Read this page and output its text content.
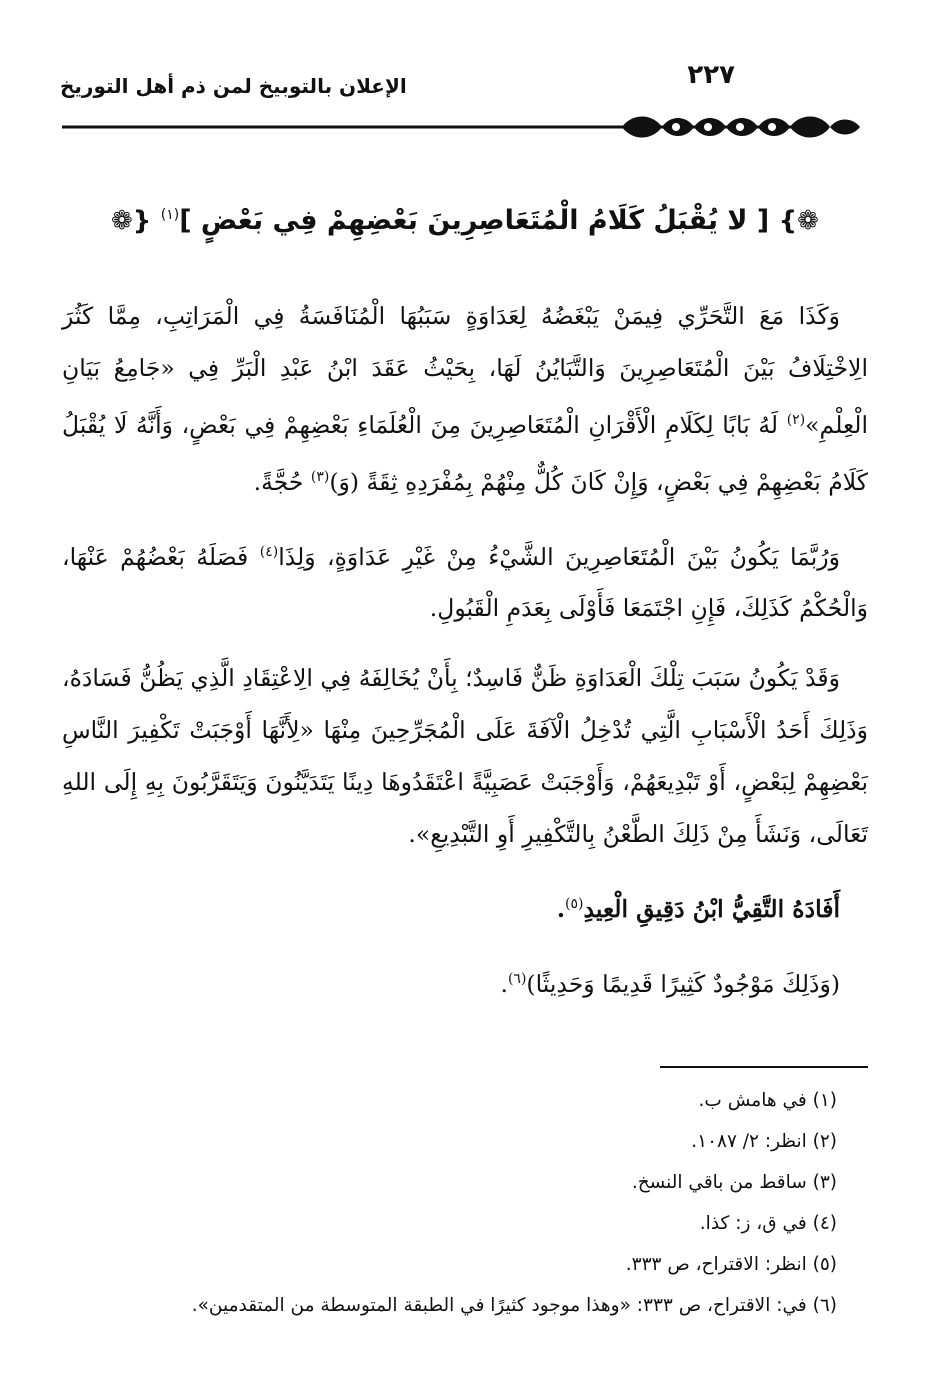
٢٢٧
الإعلان بالتوبيخ لمن ذم أهل التوريخ
❁} [ لا يُقْبَلُ كَلَامُ الْمُتَعَاصِرِينَ بَعْضِهِمْ فِي بَعْضٍ ]$^{(١)}$ {❁

وَكَذَا مَعَ التَّحَرِّي فِيمَنْ يَبْغَضُهُ لِعَدَاوَةٍ سَبَبُهَا الْمُنَافَسَةُ فِي الْمَرَاتِبِ، مِمَّا كَثُرَ الِاخْتِلَافُ بَيْنَ الْمُتَعَاصِرِينَ وَالتَّبَايُنُ لَهَا، بِحَيْثُ عَقَدَ ابْنُ عَبْدِ الْبَرِّ فِي «جَامِعُ بَيَانِ الْعِلْمِ»$^{(٢)}$ لَهُ بَابًا لِكَلَامِ الْأَقْرَانِ الْمُتَعَاصِرِينَ مِنَ الْعُلَمَاءِ بَعْضِهِمْ فِي بَعْضٍ، وَأَنَّهُ لَا يُقْبَلُ كَلَامُ بَعْضِهِمْ فِي بَعْضٍ، وَإِنْ كَانَ كُلٌّ مِنْهُمْ بِمُفْرَدِهِ ثِقَةً (وَ)$^{(٣)}$ حُجَّةً.

وَرُبَّمَا يَكُونُ بَيْنَ الْمُتَعَاصِرِينَ الشَّيْءُ مِنْ غَيْرِ عَدَاوَةٍ، وَلِذَا$^{(٤)}$ فَصَلَهُ بَعْضُهُمْ عَنْهَا، وَالْحُكْمُ كَذَلِكَ، فَإِنِ اجْتَمَعَا فَأَوْلَى بِعَدَمِ الْقَبُولِ.

وَقَدْ يَكُونُ سَبَبَ تِلْكَ الْعَدَاوَةِ ظَنٌّ فَاسِدٌ؛ بِأَنْ يُخَالِفَهُ فِي الِاعْتِقَادِ الَّذِي يَظُنُّ فَسَادَهُ، وَذَلِكَ أَحَدُ الْأَسْبَابِ الَّتِي تُدْخِلُ الْآفَةَ عَلَى الْمُجَرِّحِينَ مِنْهَا «لِأَنَّهَا أَوْجَبَتْ تَكْفِيرَ النَّاسِ بَعْضِهِمْ لِبَعْضٍ، أَوْ تَبْدِيعَهُمْ، وَأَوْجَبَتْ عَصَبِيَّةً اعْتَقَدُوهَا دِينًا يَتَدَيَّنُونَ وَيَتَقَرَّبُونَ بِهِ إِلَى اللهِ تَعَالَى، وَنَشَأَ مِنْ ذَلِكَ الطَّعْنُ بِالتَّكْفِيرِ أَوِ التَّبْدِيعِ».

أَفَادَهُ التَّقِيُّ ابْنُ دَقِيقِ الْعِيدِ$^{(٥)}$.

(وَذَلِكَ مَوْجُودٌ كَثِيرًا قَدِيمًا وَحَدِيثًا)$^{(٦)}$.

(١) في هامش ب.
(٢) انظر: ٢/ ١٠٨٧.
(٣) ساقط من باقي النسخ.
(٤) في ق، ز: كذا.
(٥) انظر: الاقتراح، ص ٣٣٣.
(٦) في: الاقتراح، ص ٣٣٣: «وهذا موجود كثيرًا في الطبقة المتوسطة من المتقدمين».
